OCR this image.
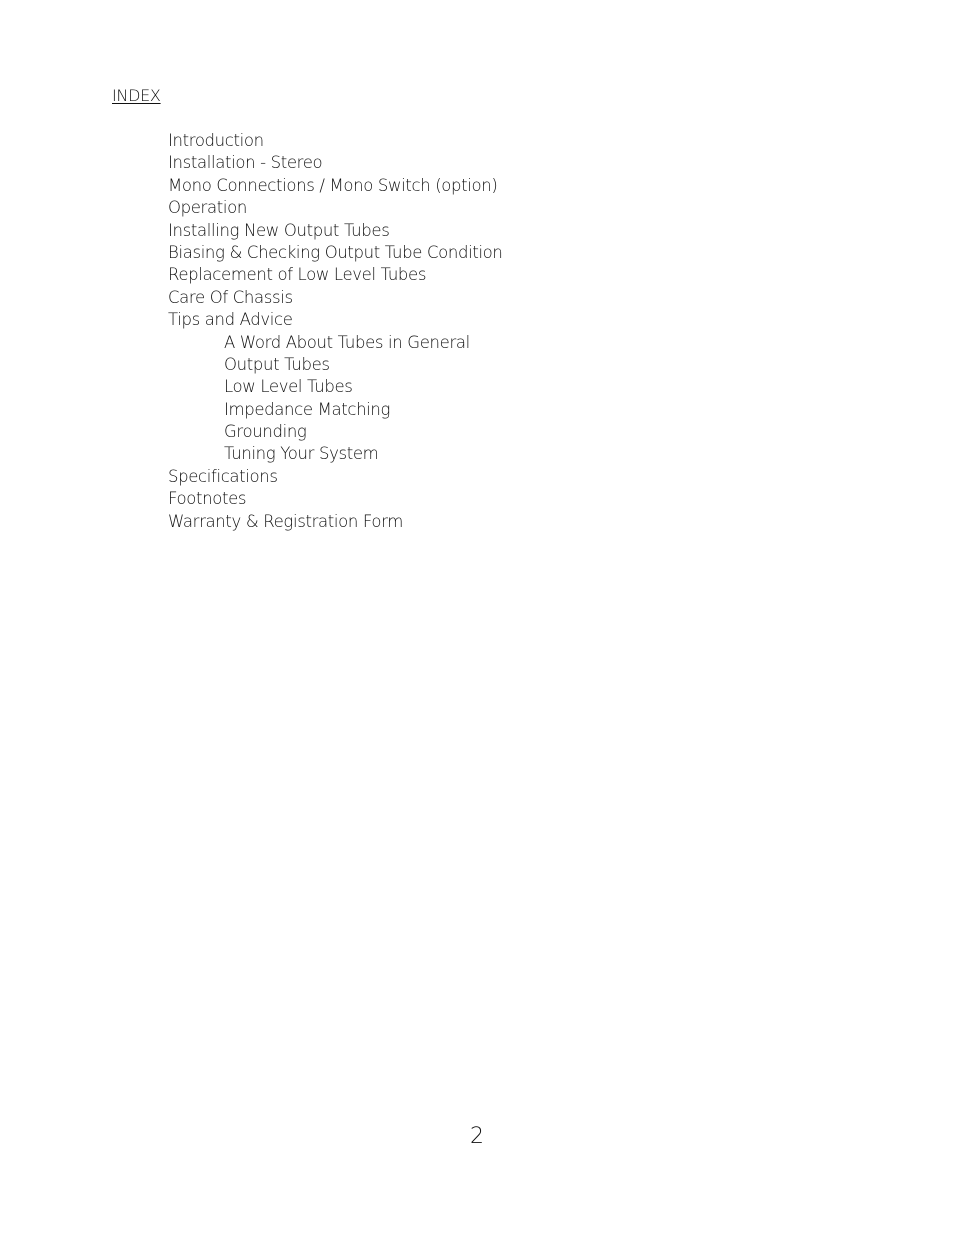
INDEX
Introduction
Installation - Stereo
Mono Connections / Mono Switch (option)
Operation
Installing New Output Tubes
Biasing & Checking Output Tube Condition
Replacement of Low Level Tubes
Care Of Chassis
Tips and Advice
A Word About Tubes in General
Output Tubes
Low Level Tubes
Impedance Matching
Grounding
Tuning Your System
Specifications
Footnotes
Warranty & Registration Form
2
